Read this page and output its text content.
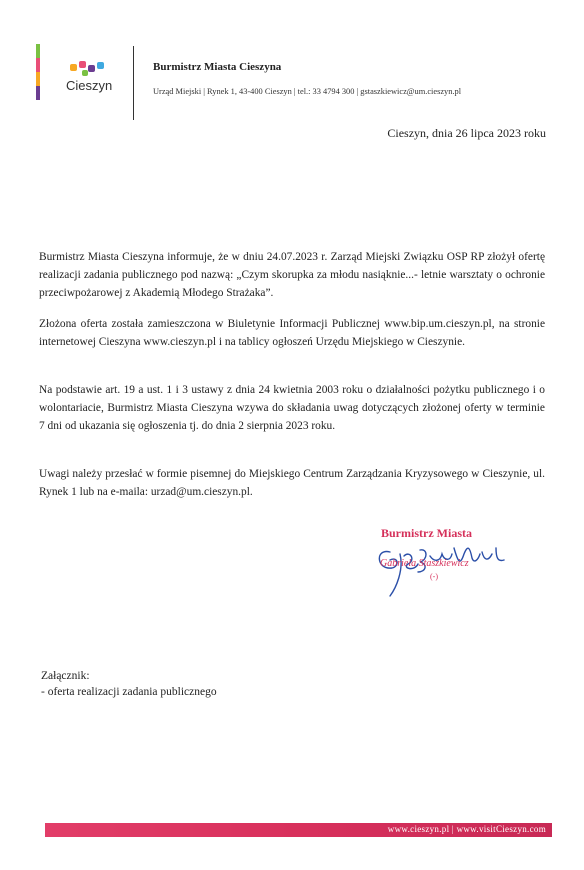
Cieszyn
Burmistrz Miasta Cieszyna
Urząd Miejski | Rynek 1, 43-400 Cieszyn | tel.: 33 4794 300 | gstaszkiewicz@um.cieszyn.pl
Cieszyn, dnia 26 lipca 2023 roku
Burmistrz Miasta Cieszyna informuje, że w dniu 24.07.2023 r. Zarząd Miejski Związku OSP RP złożył ofertę realizacji zadania publicznego pod nazwą: „Czym skorupka za młodu nasiąknie...- letnie warsztaty o ochronie przeciwpożarowej z Akademią Młodego Strażaka”.
Złożona oferta została zamieszczona w Biuletynie Informacji Publicznej www.bip.um.cieszyn.pl, na stronie internetowej Cieszyna www.cieszyn.pl i na tablicy ogłoszeń Urzędu Miejskiego w Cieszynie.
Na podstawie art. 19 a ust. 1 i 3 ustawy z dnia 24 kwietnia 2003 roku o działalności pożytku publicznego i o wolontariacie, Burmistrz Miasta Cieszyna wzywa do składania uwag dotyczących złożonej oferty w terminie 7 dni od ukazania się ogłoszenia tj. do dnia 2 sierpnia 2023 roku.
Uwagi należy przesłać w formie pisemnej do Miejskiego Centrum Zarządzania Kryzysowego w Cieszynie, ul. Rynek 1 lub na e-maila: urzad@um.cieszyn.pl.
Burmistrz Miasta
Gabriela Staszkiewicz
(-)
Załącznik:
- oferta realizacji zadania publicznego
www.cieszyn.pl | www.visitCieszyn.com
